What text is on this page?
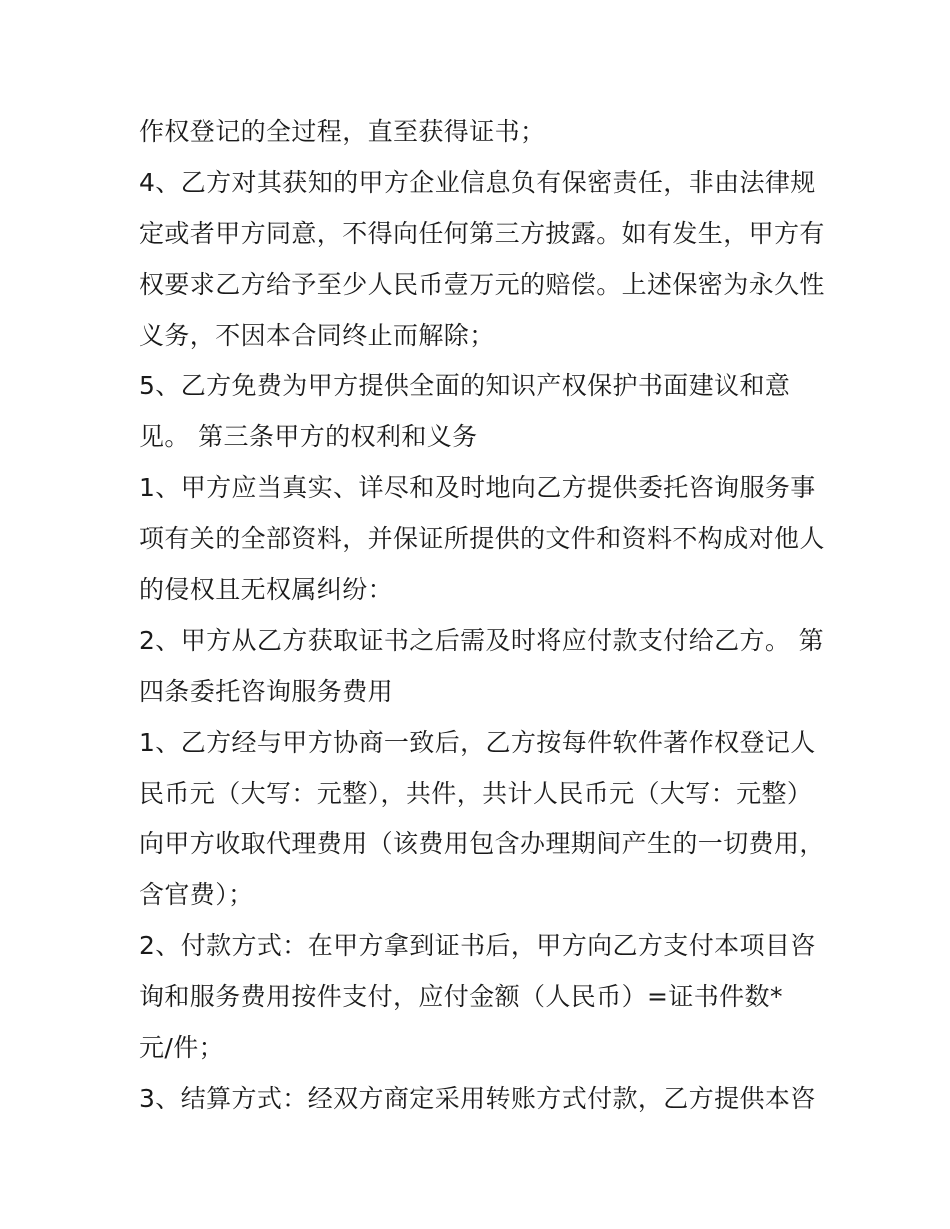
作权登记的全过程，直至获得证书；
4、乙方对其获知的甲方企业信息负有保密责任，非由法律规
定或者甲方同意，不得向任何第三方披露。如有发生，甲方有
权要求乙方给予至少人民币壹万元的赔偿。上述保密为永久性
义务，不因本合同终止而解除；
5、乙方免费为甲方提供全面的知识产权保护书面建议和意
见。 第三条甲方的权利和义务
1、甲方应当真实、详尽和及时地向乙方提供委托咨询服务事
项有关的全部资料，并保证所提供的文件和资料不构成对他人
的侵权且无权属纠纷：
2、甲方从乙方获取证书之后需及时将应付款支付给乙方。 第
四条委托咨询服务费用
1、乙方经与甲方协商一致后，乙方按每件软件著作权登记人
民币元（大写：元整），共件，共计人民币元（大写：元整）
向甲方收取代理费用（该费用包含办理期间产生的一切费用，
含官费）；
2、付款方式：在甲方拿到证书后，甲方向乙方支付本项目咨
询和服务费用按件支付，应付金额（人民币）=证书件数*
元/件；
3、结算方式：经双方商定采用转账方式付款，乙方提供本咨
